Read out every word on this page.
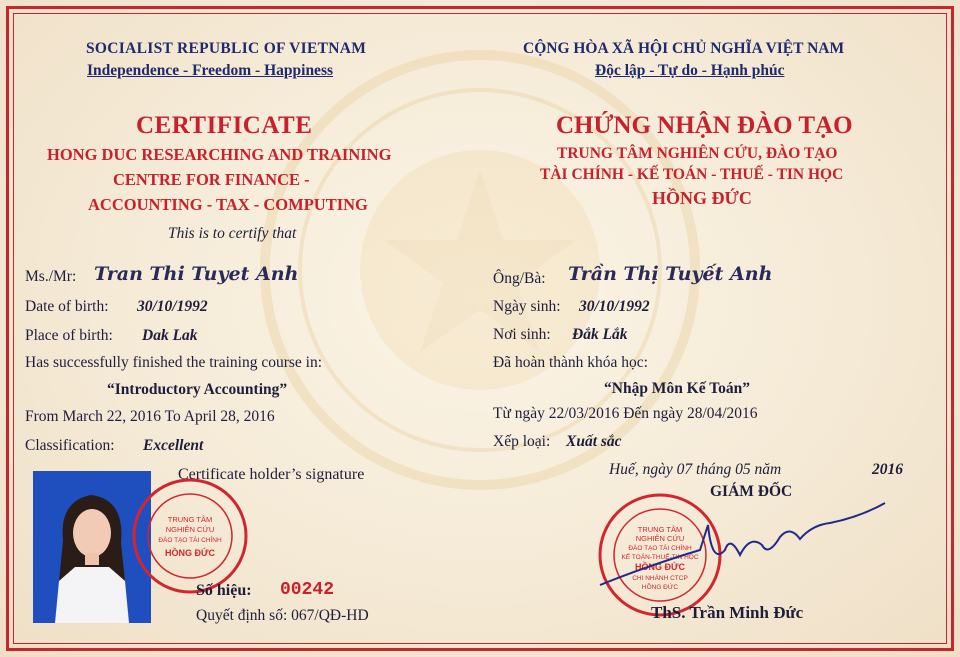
SOCIALIST REPUBLIC OF VIETNAM
Independence - Freedom - Happiness
CỘNG HÒA XÃ HỘI CHỦ NGHĨA VIỆT NAM
Độc lập - Tự do - Hạnh phúc
CERTIFICATE	CHỨNG NHẬN ĐÀO TẠO
HONG DUC RESEARCHING AND TRAINING
CENTRE FOR FINANCE -
ACCOUNTING - TAX - COMPUTING
TRUNG TÂM NGHIÊN CỨU, ĐÀO TẠO
TÀI CHÍNH - KẾ TOÁN - THUẾ - TIN HỌC
HỒNG ĐỨC
This is to certify that
Ms./Mr: Tran Thi Tuyet Anh
Date of birth: 30/10/1992
Place of birth: Dak Lak
Has successfully finished the training course in:
“Introductory Accounting”
From March 22, 2016 To April 28, 2016
Classification: Excellent
Certificate holder’s signature
TRUNG TÂM
NGHIÊN CỨU
ĐÀO TẠO TÀI CHÍNH
HỒNG ĐỨC
Số hiệu: 00242
Quyết định số: 067/QĐ-HD
Ông/Bà: Trần Thị Tuyết Anh
Ngày sinh: 30/10/1992
Nơi sinh: Đắk Lắk
Đã hoàn thành khóa học:
“Nhập Môn Kế Toán”
Từ ngày 22/03/2016 Đến ngày 28/04/2016
Xếp loại: Xuất sắc
Huế, ngày 07 tháng 05 năm	2016
GIÁM ĐỐC
TRUNG TÂM
NGHIÊN CỨU
ĐÀO TẠO TÀI CHÍNH
KẾ TOÁN-THUẾ-TIN HỌC
HỒNG ĐỨC
CHI NHÁNH CTCP
HỒNG ĐỨC
ThS. Trần Minh Đức
